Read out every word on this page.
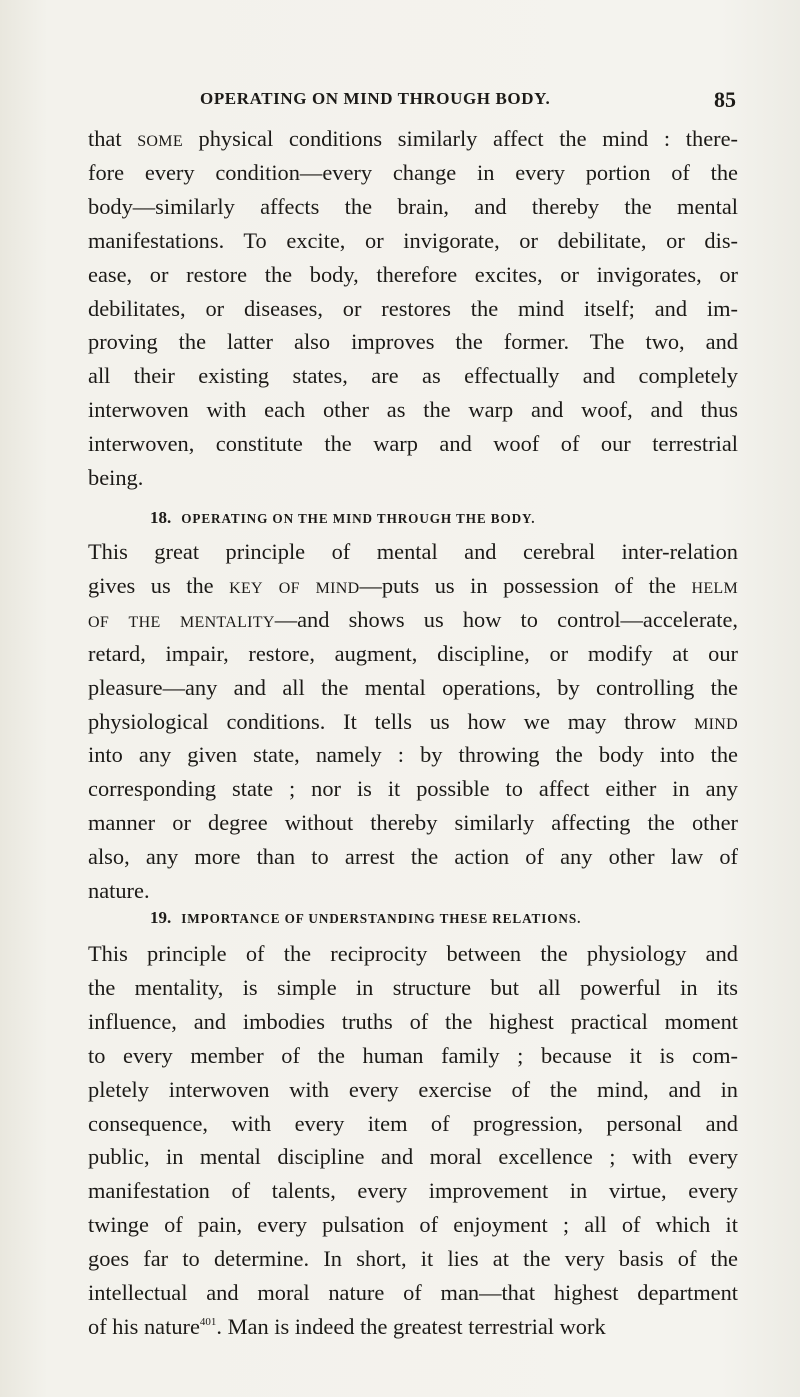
OPERATING ON MIND THROUGH BODY.	85
that some physical conditions similarly affect the mind : there-
fore every condition—every change in every portion of the
body—similarly affects the brain, and thereby the mental
manifestations. To excite, or invigorate, or debilitate, or dis-
ease, or restore the body, therefore excites, or invigorates, or
debilitates, or diseases, or restores the mind itself; and im-
proving the latter also improves the former. The two, and
all their existing states, are as effectually and completely
interwoven with each other as the warp and woof, and thus
interwoven, constitute the warp and woof of our terrestrial
being.
18. OPERATING ON THE MIND THROUGH THE BODY.
This great principle of mental and cerebral inter-relation
gives us the key of mind—puts us in possession of the helm
of the mentality—and shows us how to control—accelerate,
retard, impair, restore, augment, discipline, or modify at our
pleasure—any and all the mental operations, by controlling the
physiological conditions. It tells us how we may throw mind
into any given state, namely : by throwing the body into the
corresponding state ; nor is it possible to affect either in any
manner or degree without thereby similarly affecting the other
also, any more than to arrest the action of any other law of
nature.
19. IMPORTANCE OF UNDERSTANDING THESE RELATIONS.
This principle of the reciprocity between the physiology and
the mentality, is simple in structure but all powerful in its
influence, and imbodies truths of the highest practical moment
to every member of the human family ; because it is com-
pletely interwoven with every exercise of the mind, and in
consequence, with every item of progression, personal and
public, in mental discipline and moral excellence ; with every
manifestation of talents, every improvement in virtue, every
twinge of pain, every pulsation of enjoyment ; all of which it
goes far to determine. In short, it lies at the very basis of the
intellectual and moral nature of man—that highest department
of his nature$^{401}$. Man is indeed the greatest terrestrial work
